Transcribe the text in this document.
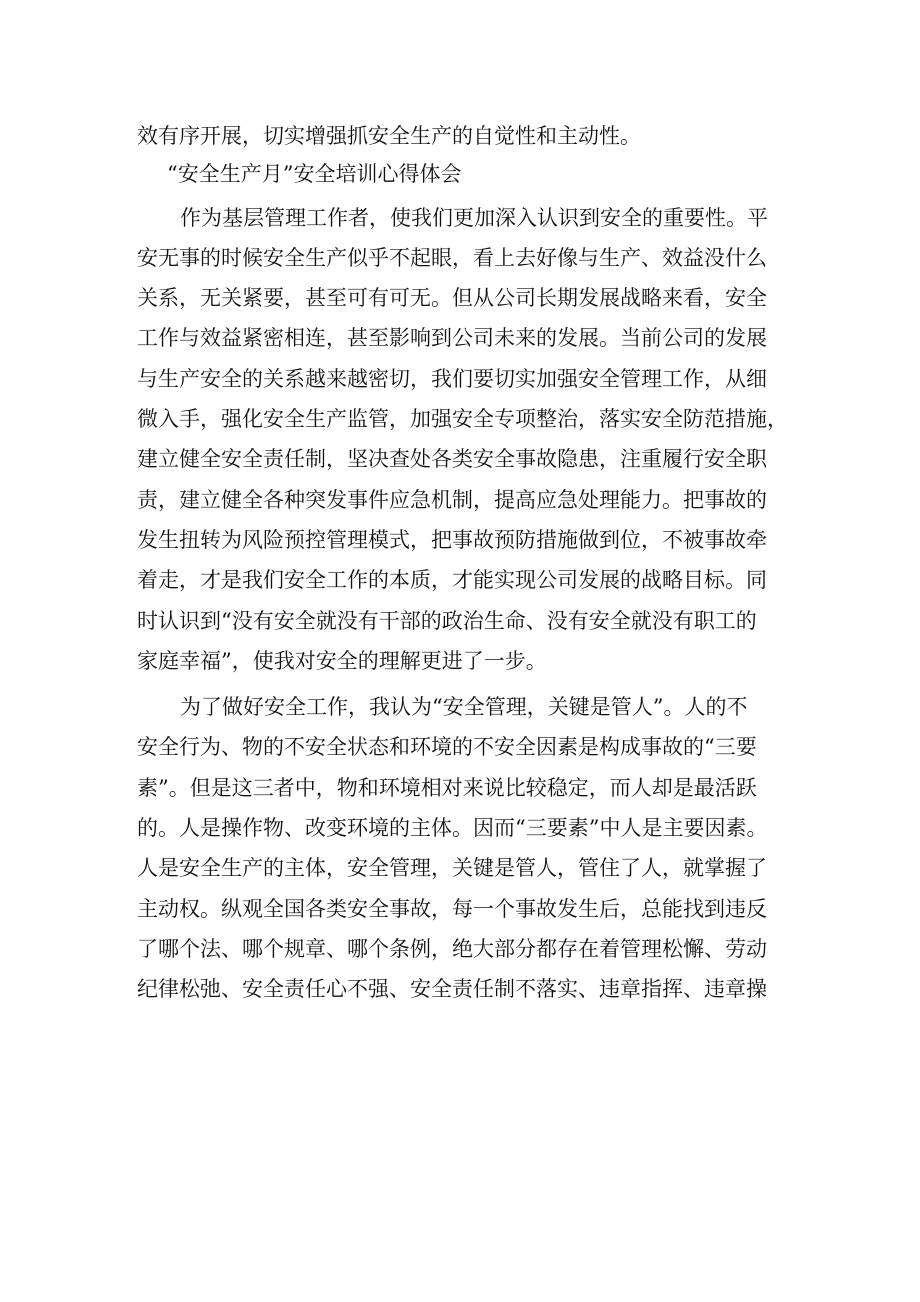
效有序开展，切实增强抓安全生产的自觉性和主动性。
“安全生产月”安全培训心得体会
作为基层管理工作者，使我们更加深入认识到安全的重要性。平
安无事的时候安全生产似乎不起眼，看上去好像与生产、效益没什么
关系，无关紧要，甚至可有可无。但从公司长期发展战略来看，安全
工作与效益紧密相连，甚至影响到公司未来的发展。当前公司的发展
与生产安全的关系越来越密切，我们要切实加强安全管理工作，从细
微入手，强化安全生产监管，加强安全专项整治，落实安全防范措施，
建立健全安全责任制，坚决查处各类安全事故隐患，注重履行安全职
责，建立健全各种突发事件应急机制，提高应急处理能力。把事故的
发生扭转为风险预控管理模式，把事故预防措施做到位，不被事故牵
着走，才是我们安全工作的本质，才能实现公司发展的战略目标。同
时认识到“没有安全就没有干部的政治生命、没有安全就没有职工的
家庭幸福”，使我对安全的理解更进了一步。
为了做好安全工作，我认为“安全管理，关键是管人”。人的不
安全行为、物的不安全状态和环境的不安全因素是构成事故的“三要
素”。但是这三者中，物和环境相对来说比较稳定，而人却是最活跃
的。人是操作物、改变环境的主体。因而“三要素”中人是主要因素。
人是安全生产的主体，安全管理，关键是管人，管住了人，就掌握了
主动权。纵观全国各类安全事故，每一个事故发生后，总能找到违反
了哪个法、哪个规章、哪个条例，绝大部分都存在着管理松懈、劳动
纪律松弛、安全责任心不强、安全责任制不落实、违章指挥、违章操
